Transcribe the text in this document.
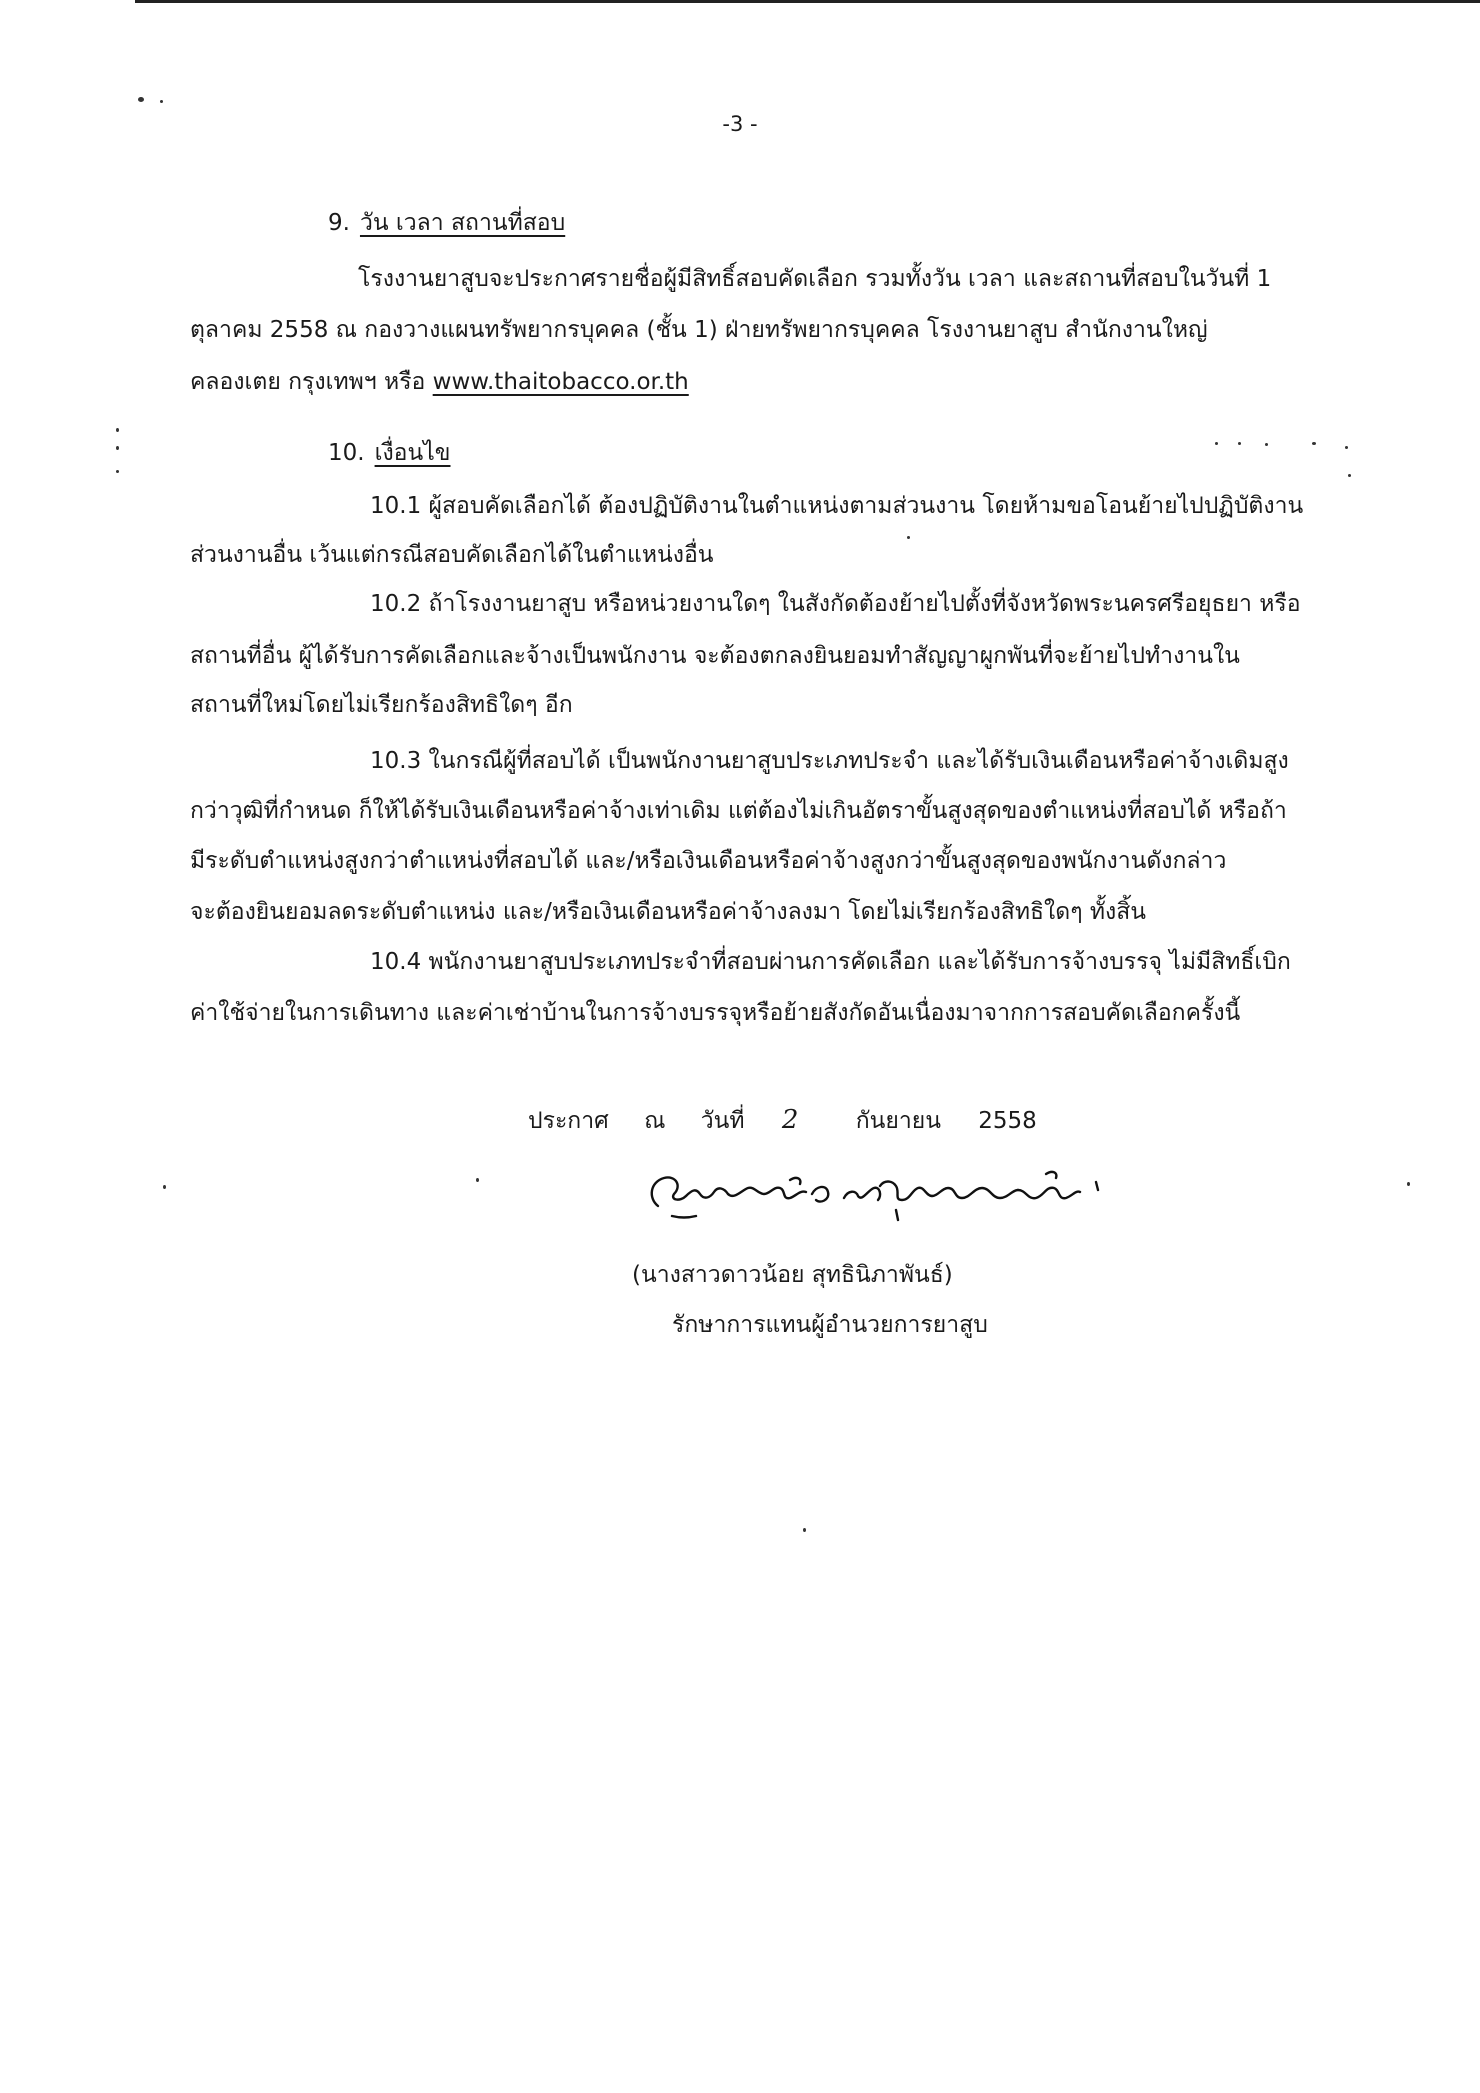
-3 -
9. วัน เวลา สถานที่สอบ
โรงงานยาสูบจะประกาศรายชื่อผู้มีสิทธิ์สอบคัดเลือก รวมทั้งวัน เวลา และสถานที่สอบในวันที่ 1
ตุลาคม 2558 ณ กองวางแผนทรัพยากรบุคคล (ชั้น 1) ฝ่ายทรัพยากรบุคคล โรงงานยาสูบ สำนักงานใหญ่
คลองเตย กรุงเทพฯ หรือ www.thaitobacco.or.th
10. เงื่อนไข
10.1 ผู้สอบคัดเลือกได้ ต้องปฏิบัติงานในตำแหน่งตามส่วนงาน โดยห้ามขอโอนย้ายไปปฏิบัติงาน
ส่วนงานอื่น เว้นแต่กรณีสอบคัดเลือกได้ในตำแหน่งอื่น
10.2 ถ้าโรงงานยาสูบ หรือหน่วยงานใดๆ ในสังกัดต้องย้ายไปตั้งที่จังหวัดพระนครศรีอยุธยา หรือ
สถานที่อื่น ผู้ได้รับการคัดเลือกและจ้างเป็นพนักงาน จะต้องตกลงยินยอมทำสัญญาผูกพันที่จะย้ายไปทำงานใน
สถานที่ใหม่โดยไม่เรียกร้องสิทธิใดๆ อีก
10.3 ในกรณีผู้ที่สอบได้ เป็นพนักงานยาสูบประเภทประจำ และได้รับเงินเดือนหรือค่าจ้างเดิมสูง
กว่าวุฒิที่กำหนด ก็ให้ได้รับเงินเดือนหรือค่าจ้างเท่าเดิม แต่ต้องไม่เกินอัตราขั้นสูงสุดของตำแหน่งที่สอบได้ หรือถ้า
มีระดับตำแหน่งสูงกว่าตำแหน่งที่สอบได้ และ/หรือเงินเดือนหรือค่าจ้างสูงกว่าขั้นสูงสุดของพนักงานดังกล่าว
จะต้องยินยอมลดระดับตำแหน่ง และ/หรือเงินเดือนหรือค่าจ้างลงมา โดยไม่เรียกร้องสิทธิใดๆ ทั้งสิ้น
10.4 พนักงานยาสูบประเภทประจำที่สอบผ่านการคัดเลือก และได้รับการจ้างบรรจุ ไม่มีสิทธิ์เบิก
ค่าใช้จ่ายในการเดินทาง และค่าเช่าบ้านในการจ้างบรรจุหรือย้ายสังกัดอันเนื่องมาจากการสอบคัดเลือกครั้งนี้
ประกาศ ณ วันที่ 2 กันยายน 2558
(นางสาวดาวน้อย สุทธินิภาพันธ์)
รักษาการแทนผู้อำนวยการยาสูบ
